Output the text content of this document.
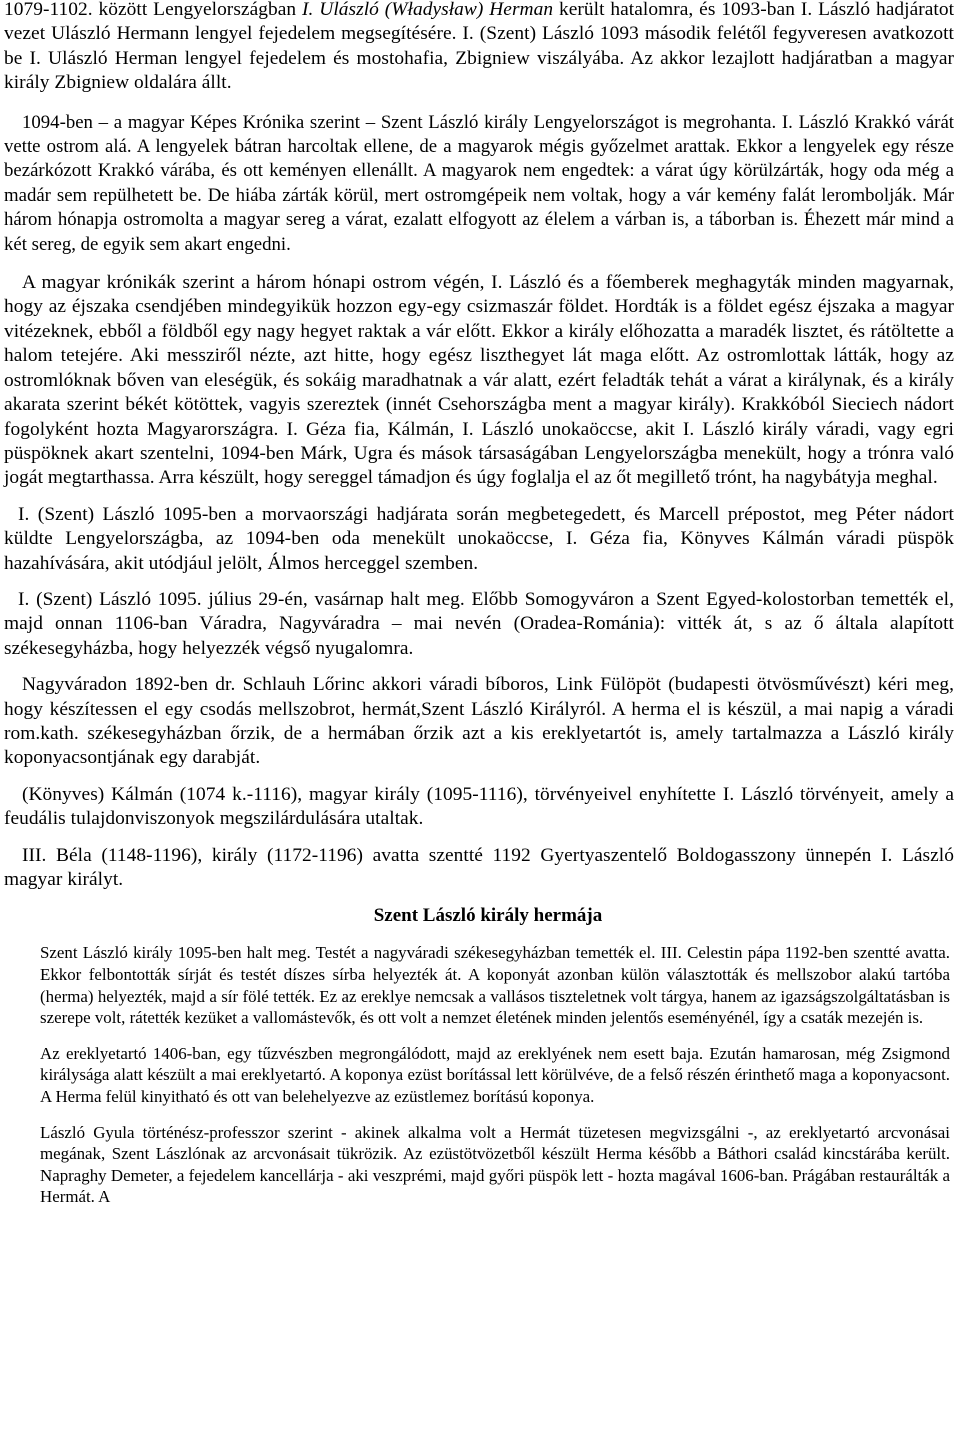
1079-1102. között Lengyelországban I. Ulászló (Władysław) Herman került hatalomra, és 1093-ban I. László hadjáratot vezet Ulászló Hermann lengyel fejedelem megsegítésére. I. (Szent) László 1093 második felétől fegyveresen avatkozott be I. Ulászló Herman lengyel fejedelem és mostohafia, Zbigniew viszályába. Az akkor lezajlott hadjáratban a magyar király Zbigniew oldalára állt.

1094-ben – a magyar Képes Krónika szerint – Szent László király Lengyelországot is megrohanta. I. László Krakkó várát vette ostrom alá. A lengyelek bátran harcoltak ellene, de a magyarok mégis győzelmet arattak. Ekkor a lengyelek egy része bezárkózott Krakkó várába, és ott keményen ellenállt. A magyarok nem engedtek: a várat úgy körülzárták, hogy oda még a madár sem repülhetett be. De hiába zárták körül, mert ostromgépeik nem voltak, hogy a vár kemény falát lerombolják. Már három hónapja ostromolta a magyar sereg a várat, ezalatt elfogyott az élelem a várban is, a táborban is. Éhezett már mind a két sereg, de egyik sem akart engedni.

A magyar krónikák szerint a három hónapi ostrom végén, I. László és a főemberek meghagyták minden magyarnak, hogy az éjszaka csendjében mindegyikük hozzon egy-egy csizmaszár földet. Hordták is a földet egész éjszaka a magyar vitézeknek, ebből a földből egy nagy hegyet raktak a vár előtt. Ekkor a király előhozatta a maradék lisztet, és rátöltette a halom tetejére. Aki messziről nézte, azt hitte, hogy egész liszthegyet lát maga előtt. Az ostromlottak látták, hogy az ostromlóknak bőven van eleségük, és sokáig maradhatnak a vár alatt, ezért feladták tehát a várat a királynak, és a király akarata szerint békét kötöttek, vagyis szereztek (innét Csehországba ment a magyar király). Krakkóból Sieciech nádort fogolyként hozta Magyarországra. I. Géza fia, Kálmán, I. László unokaöccse, akit I. László király váradi, vagy egri püspöknek akart szentelni, 1094-ben Márk, Ugra és mások társaságában Lengyelországba menekült, hogy a trónra való jogát megtarthassa. Arra készült, hogy sereggel támadjon és úgy foglalja el az őt megillető trónt, ha nagybátyja meghal.

I. (Szent) László 1095-ben a morvaországi hadjárata során megbetegedett, és Marcell prépostot, meg Péter nádort küldte Lengyelországba, az 1094-ben oda menekült unokaöccse, I. Géza fia, Könyves Kálmán váradi püspök hazahívására, akit utódjául jelölt, Álmos herceggel szemben.

I. (Szent) László 1095. július 29-én, vasárnap halt meg. Előbb Somogyváron a Szent Egyed-kolostorban temették el, majd onnan 1106-ban Váradra, Nagyváradra – mai nevén (Oradea-Románia): vitték át, s az ő általa alapított székesegyházba, hogy helyezzék végső nyugalomra.

Nagyváradon 1892-ben dr. Schlauh Lőrinc akkori váradi bíboros, Link Fülöpöt (budapesti ötvösművészt) kéri meg, hogy készítessen el egy csodás mellszobrot, hermát,Szent László Királyról. A herma el is készül, a mai napig a váradi rom.kath. székesegyházban őrzik, de a hermában őrzik azt a kis ereklyetartót is, amely tartalmazza a László király koponyacsontjának egy darabját.

(Könyves) Kálmán (1074 k.-1116), magyar király (1095-1116), törvényeivel enyhítette I. László törvényeit, amely a feudális tulajdonviszonyok megszilárdulására utaltak.

III. Béla (1148-1196), király (1172-1196) avatta szentté 1192 Gyertyaszentelő Boldogasszony ünnepén I. László magyar királyt.

Szent László király hermája

Szent László király 1095-ben halt meg. Testét a nagyváradi székesegyházban temették el. III. Celestin pápa 1192-ben szentté avatta. Ekkor felbontották sírját és testét díszes sírba helyezték át. A koponyát azonban külön választották és mellszobor alakú tartóba (herma) helyezték, majd a sír fölé tették. Ez az ereklye nemcsak a vallásos tiszteletnek volt tárgya, hanem az igazságszolgáltatásban is szerepe volt, rátették kezüket a vallomástevők, és ott volt a nemzet életének minden jelentős eseményénél, így a csaták mezején is.

Az ereklyetartó 1406-ban, egy tűzvészben megrongálódott, majd az ereklyének nem esett baja. Ezután hamarosan, még Zsigmond királysága alatt készült a mai ereklyetartó. A koponya ezüst borítással lett körülvéve, de a felső részén érinthető maga a koponyacsont. A Herma felül kinyitható és ott van belehelyezve az ezüstlemez borítású koponya.

László Gyula történész-professzor szerint - akinek alkalma volt a Hermát tüzetesen megvizsgálni -, az ereklyetartó arcvonásai megának, Szent Lászlónak az arcvonásait tükrözik. Az ezüstötvözetből készült Herma később a Báthori család kincstárába került. Napraghy Demeter, a fejedelem kancellárja - aki veszprémi, majd győri püspök lett - hozta magával 1606-ban. Prágában restaurálták a Hermát. A
